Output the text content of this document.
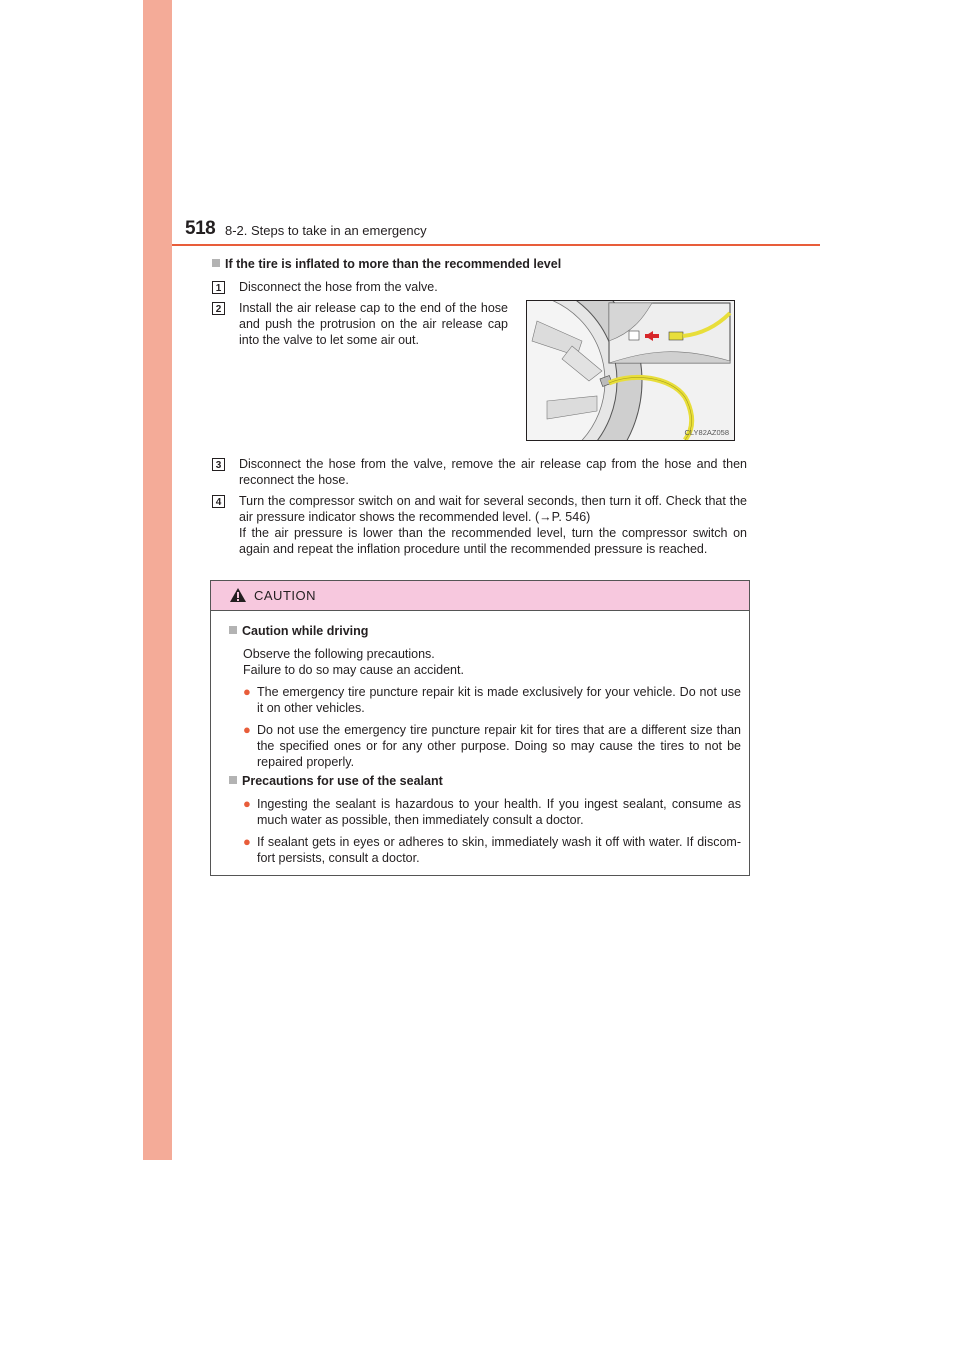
518 8-2. Steps to take in an emergency
If the tire is inflated to more than the recommended level
1 Disconnect the hose from the valve.
2 Install the air release cap to the end of the hose and push the protrusion on the air release cap into the valve to let some air out.
CLY82AZ058
3 Disconnect the hose from the valve, remove the air release cap from the hose and then reconnect the hose.
4 Turn the compressor switch on and wait for several seconds, then turn it off. Check that the air pressure indicator shows the recommended level. (→P. 546)
If the air pressure is lower than the recommended level, turn the compressor switch on again and repeat the inflation procedure until the recommended pressure is reached.
CAUTION
Caution while driving
Observe the following precautions.
Failure to do so may cause an accident.
● The emergency tire puncture repair kit is made exclusively for your vehicle. Do not use it on other vehicles.
● Do not use the emergency tire puncture repair kit for tires that are a different size than the specified ones or for any other purpose. Doing so may cause the tires to not be repaired properly.
Precautions for use of the sealant
● Ingesting the sealant is hazardous to your health. If you ingest sealant, consume as much water as possible, then immediately consult a doctor.
● If sealant gets in eyes or adheres to skin, immediately wash it off with water. If discom-fort persists, consult a doctor.
